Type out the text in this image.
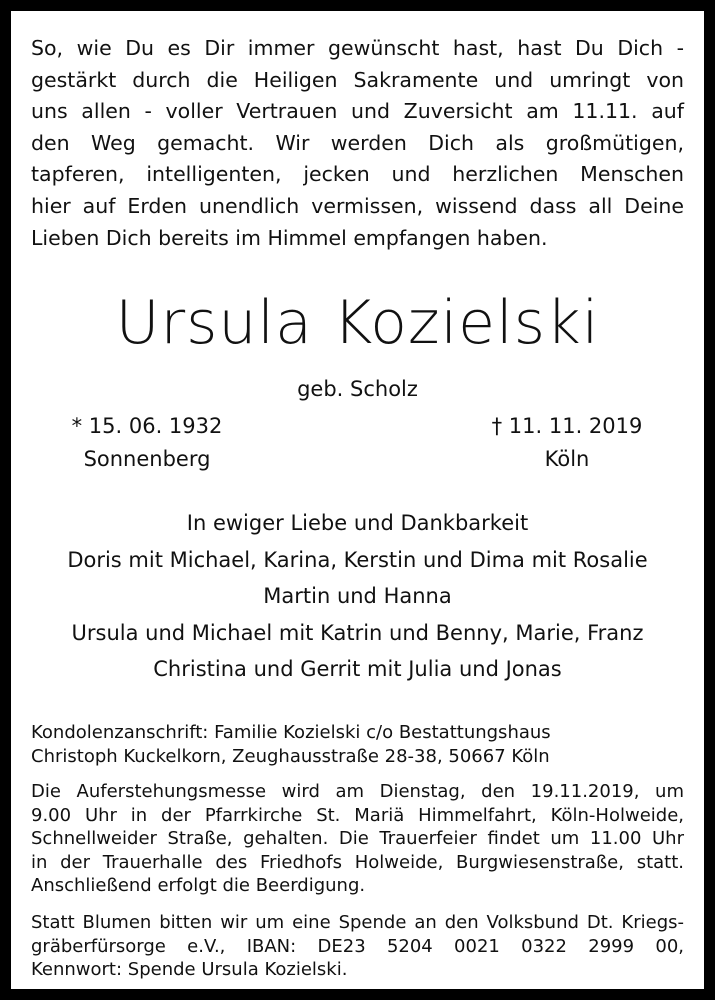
So, wie Du es Dir immer gewünscht hast, hast Du Dich -
gestärkt durch die Heiligen Sakramente und umringt von
uns allen - voller Vertrauen und Zuversicht am 11.11. auf
den Weg gemacht. Wir werden Dich als großmütigen,
tapferen, intelligenten, jecken und herzlichen Menschen
hier auf Erden unendlich vermissen, wissend dass all Deine
Lieben Dich bereits im Himmel empfangen haben.
Ursula Kozielski
geb. Scholz
* 15. 06. 1932
Sonnenberg
† 11. 11. 2019
Köln
In ewiger Liebe und Dankbarkeit
Doris mit Michael, Karina, Kerstin und Dima mit Rosalie
Martin und Hanna
Ursula und Michael mit Katrin und Benny, Marie, Franz
Christina und Gerrit mit Julia und Jonas
Kondolenzanschrift: Familie Kozielski c/o Bestattungshaus
Christoph Kuckelkorn, Zeughausstraße 28-38, 50667 Köln
Die Auferstehungsmesse wird am Dienstag, den 19.11.2019, um
9.00 Uhr in der Pfarrkirche St. Mariä Himmelfahrt, Köln-Holweide,
Schnellweider Straße, gehalten. Die Trauerfeier findet um 11.00 Uhr
in der Trauerhalle des Friedhofs Holweide, Burgwiesenstraße, statt.
Anschließend erfolgt die Beerdigung.
Statt Blumen bitten wir um eine Spende an den Volksbund Dt. Kriegs-
gräberfürsorge e.V., IBAN: DE23 5204 0021 0322 2999 00,
Kennwort: Spende Ursula Kozielski.
